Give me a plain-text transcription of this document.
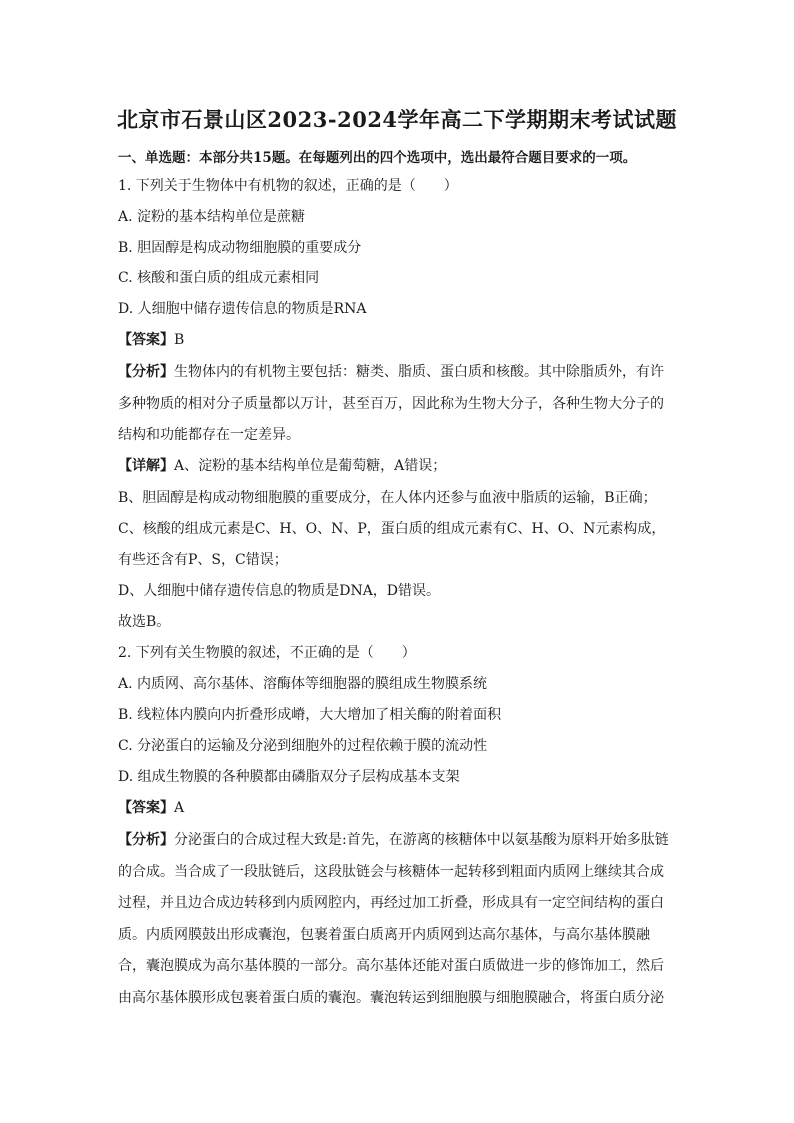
北京市石景山区2023-2024学年高二下学期期末考试试题
一、单选题：本部分共15题。在每题列出的四个选项中，选出最符合题目要求的一项。
1. 下列关于生物体中有机物的叙述，正确的是（　　）
A. 淀粉的基本结构单位是蔗糖
B. 胆固醇是构成动物细胞膜的重要成分
C. 核酸和蛋白质的组成元素相同
D. 人细胞中储存遗传信息的物质是RNA
【答案】B
【分析】生物体内的有机物主要包括：糖类、脂质、蛋白质和核酸。其中除脂质外，有许
多种物质的相对分子质量都以万计，甚至百万，因此称为生物大分子，各种生物大分子的
结构和功能都存在一定差异。
【详解】A、淀粉的基本结构单位是葡萄糖，A错误；
B、胆固醇是构成动物细胞膜的重要成分，在人体内还参与血液中脂质的运输，B正确；
C、核酸的组成元素是C、H、O、N、P，蛋白质的组成元素有C、H、O、N元素构成，
有些还含有P、S，C错误；
D、人细胞中储存遗传信息的物质是DNA，D错误。
故选B。
2. 下列有关生物膜的叙述，不正确的是（　　）
A. 内质网、高尔基体、溶酶体等细胞器的膜组成生物膜系统
B. 线粒体内膜向内折叠形成嵴，大大增加了相关酶的附着面积
C. 分泌蛋白的运输及分泌到细胞外的过程依赖于膜的流动性
D. 组成生物膜的各种膜都由磷脂双分子层构成基本支架
【答案】A
【分析】分泌蛋白的合成过程大致是:首先，在游离的核糖体中以氨基酸为原料开始多肽链
的合成。当合成了一段肽链后，这段肽链会与核糖体一起转移到粗面内质网上继续其合成
过程，并且边合成边转移到内质网腔内，再经过加工折叠，形成具有一定空间结构的蛋白
质。内质网膜鼓出形成囊泡，包裹着蛋白质离开内质网到达高尔基体，与高尔基体膜融
合，囊泡膜成为高尔基体膜的一部分。高尔基体还能对蛋白质做进一步的修饰加工，然后
由高尔基体膜形成包裹着蛋白质的囊泡。囊泡转运到细胞膜与细胞膜融合，将蛋白质分泌
